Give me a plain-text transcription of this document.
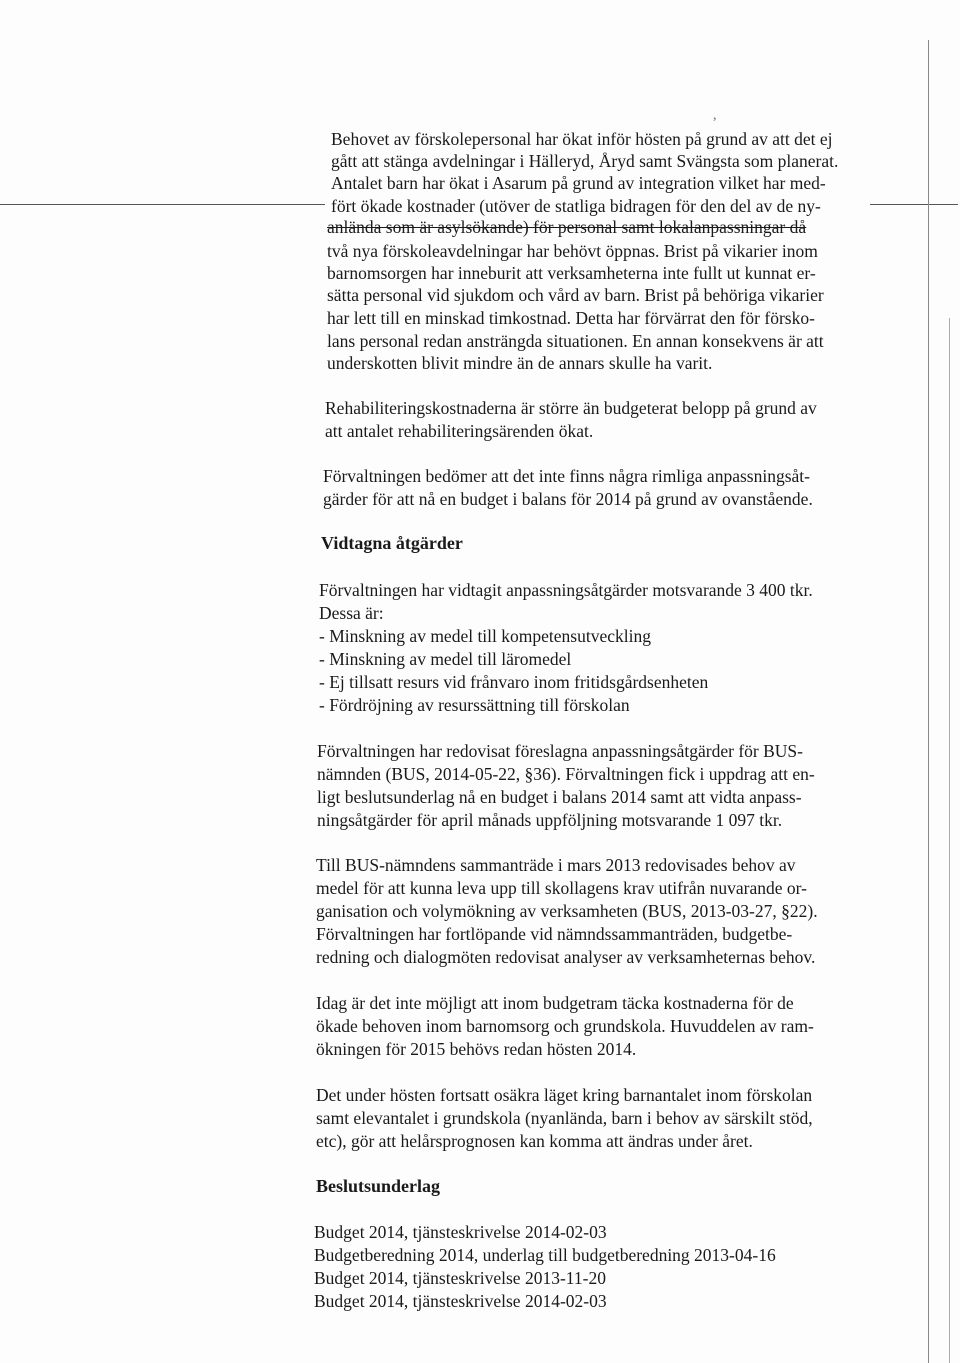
,
Behovet av förskolepersonal har ökat inför hösten på grund av att det ej
gått att stänga avdelningar i Hälleryd, Åryd samt Svängsta som planerat.
Antalet barn har ökat i Asarum på grund av integration vilket har med-
fört ökade kostnader (utöver de statliga bidragen för den del av de ny-
anlända som är asylsökande) för personal samt lokalanpassningar då
två nya förskoleavdelningar har behövt öppnas. Brist på vikarier inom
barnomsorgen har inneburit att verksamheterna inte fullt ut kunnat er-
sätta personal vid sjukdom och vård av barn. Brist på behöriga vikarier
har lett till en minskad timkostnad. Detta har förvärrat den för försko-
lans personal redan ansträngda situationen. En annan konsekvens är att
underskotten blivit mindre än de annars skulle ha varit.
Rehabiliteringskostnaderna är större än budgeterat belopp på grund av
att antalet rehabiliteringsärenden ökat.
Förvaltningen bedömer att det inte finns några rimliga anpassningsåt-
gärder för att nå en budget i balans för 2014 på grund av ovanstående.
Vidtagna åtgärder
Förvaltningen har vidtagit anpassningsåtgärder motsvarande 3 400 tkr.
Dessa är:
- Minskning av medel till kompetensutveckling
- Minskning av medel till läromedel
- Ej tillsatt resurs vid frånvaro inom fritidsgårdsenheten
- Fördröjning av resurssättning till förskolan
Förvaltningen har redovisat föreslagna anpassningsåtgärder för BUS-
nämnden (BUS, 2014-05-22, §36). Förvaltningen fick i uppdrag att en-
ligt beslutsunderlag nå en budget i balans 2014 samt att vidta anpass-
ningsåtgärder för april månads uppföljning motsvarande 1 097 tkr.
Till BUS-nämndens sammanträde i mars 2013 redovisades behov av
medel för att kunna leva upp till skollagens krav utifrån nuvarande or-
ganisation och volymökning av verksamheten (BUS, 2013-03-27, §22).
Förvaltningen har fortlöpande vid nämndssammanträden, budgetbe-
redning och dialogmöten redovisat analyser av verksamheternas behov.
Idag är det inte möjligt att inom budgetram täcka kostnaderna för de
ökade behoven inom barnomsorg och grundskola. Huvuddelen av ram-
ökningen för 2015 behövs redan hösten 2014.
Det under hösten fortsatt osäkra läget kring barnantalet inom förskolan
samt elevantalet i grundskola (nyanlända, barn i behov av särskilt stöd,
etc), gör att helårsprognosen kan komma att ändras under året.
Beslutsunderlag
Budget 2014, tjänsteskrivelse 2014-02-03
Budgetberedning 2014, underlag till budgetberedning 2013-04-16
Budget 2014, tjänsteskrivelse 2013-11-20
Budget 2014, tjänsteskrivelse 2014-02-03
